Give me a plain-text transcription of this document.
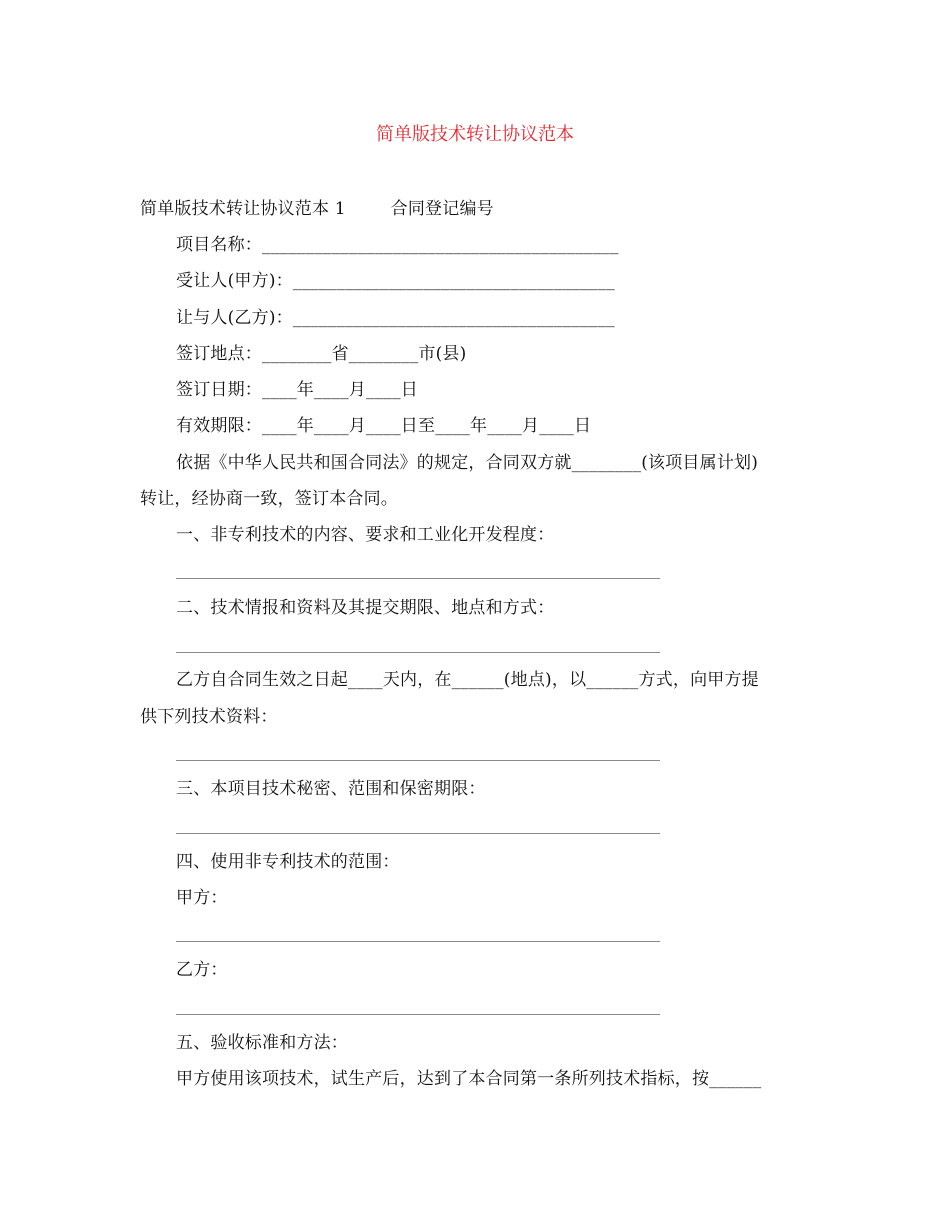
简单版技术转让协议范本
简单版技术转让协议范本 1        合同登记编号
项目名称：_________________________________________
受让人(甲方)：_____________________________________
让与人(乙方)：_____________________________________
签订地点：________省________市(县)
签订日期：____年____月____日
有效期限：____年____月____日至____年____月____日
依据《中华人民共和国合同法》的规定，合同双方就________(该项目属计划)
转让，经协商一致，签订本合同。
一、非专利技术的内容、要求和工业化开发程度：
二、技术情报和资料及其提交期限、地点和方式：
乙方自合同生效之日起____天内，在______(地点)，以______方式，向甲方提
供下列技术资料：
三、本项目技术秘密、范围和保密期限：
四、使用非专利技术的范围：
甲方：
乙方：
五、验收标准和方法：
甲方使用该项技术，试生产后，达到了本合同第一条所列技术指标，按______
